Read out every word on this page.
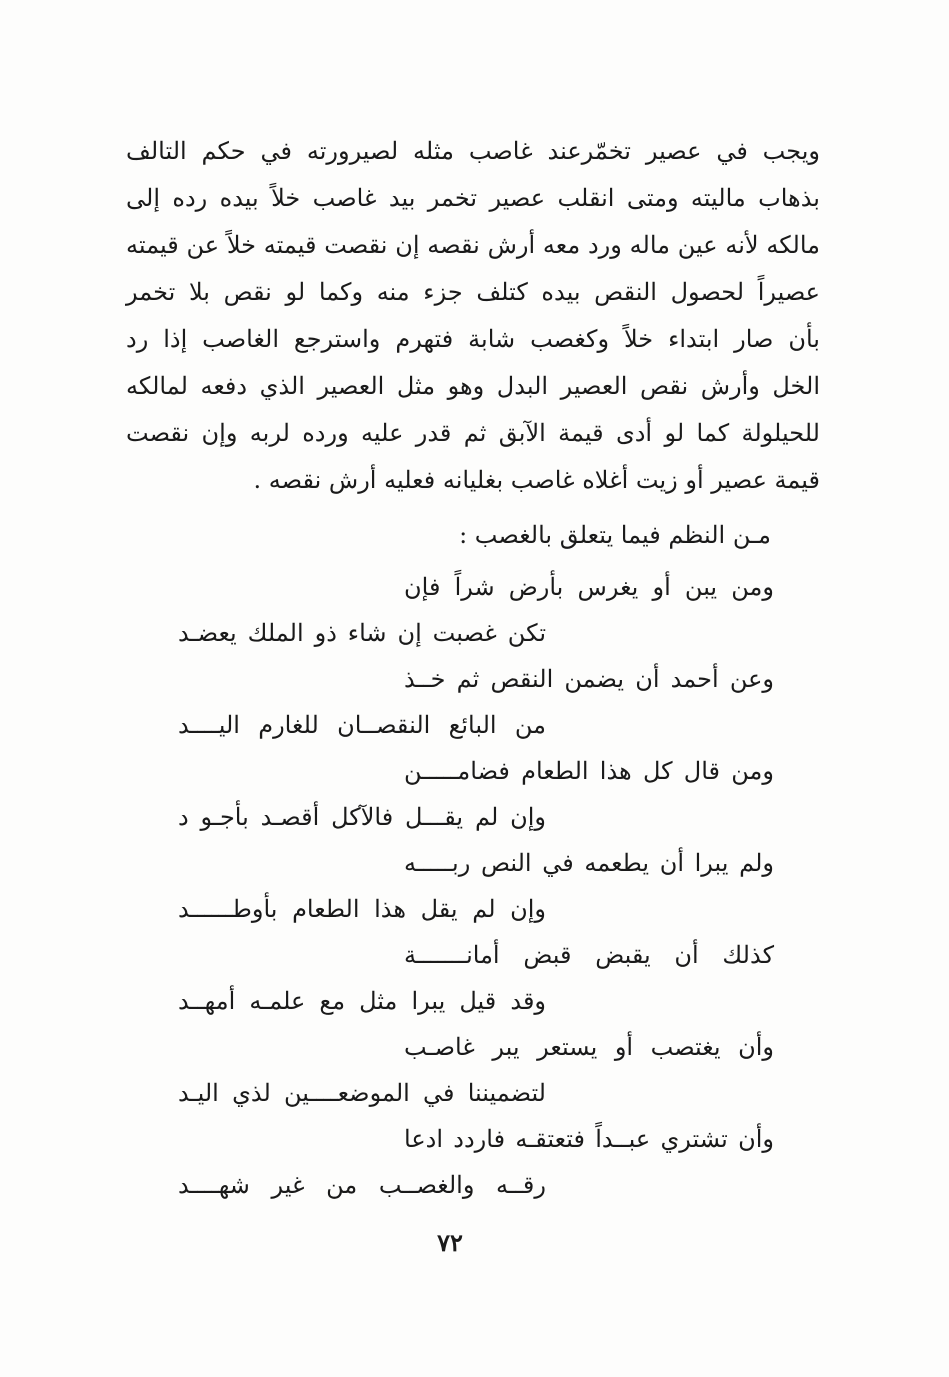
ويجب في عصير تخمّرعند غاصب مثله لصيرورته في حكم التالف
بذهاب ماليته ومتى انقلب عصير تخمر بيد غاصب خلاً بيده رده إلى
مالكه لأنه عين ماله ورد معه أرش نقصه إن نقصت قيمته خلاً عن قيمته
عصيراً لحصول النقص بيده كتلف جزء منه وكما لو نقص بلا تخمر
بأن صار ابتداء خلاً وكغصب شابة فتهرم واسترجع الغاصب إذا رد
الخل وأرش نقص العصير البدل وهو مثل العصير الذي دفعه لمالكه
للحيلولة كما لو أدى قيمة الآبق ثم قدر عليه ورده لربه وإن نقصت
قيمة عصير أو زيت أغلاه غاصب بغليانه فعليه أرش نقصه .
مـن النظم فيما يتعلق بالغصب :
ومن يبن أو يغرس بأرض شراً فإن
تكن غصبت إن شاء ذو الملك يعضـد
وعن أحمد أن يضمن النقص ثم خــذ
من البائع النقصــان للغارم اليــــد
ومن قال كل هذا الطعام فضامـــــن
وإن لم يقـــل فالآكل أقصـد بأجـو د
ولم يبرا أن يطعمه في النص ربـــــه
وإن لم يقل هذا الطعام بأوطــــــد
كذلك أن يقبض قبض أمانـــــــة
وقد قيل يبرا مثل مع علمـه أمهــد
وأن يغتصب أو يستعر يبر غاصـب
لتضميننا في الموضعــــين لذي اليـد
وأن تشتري عبــداً فتعتقـه فاردد ادعا
رقــه والغصــب من غير شهــــد
٧٢
